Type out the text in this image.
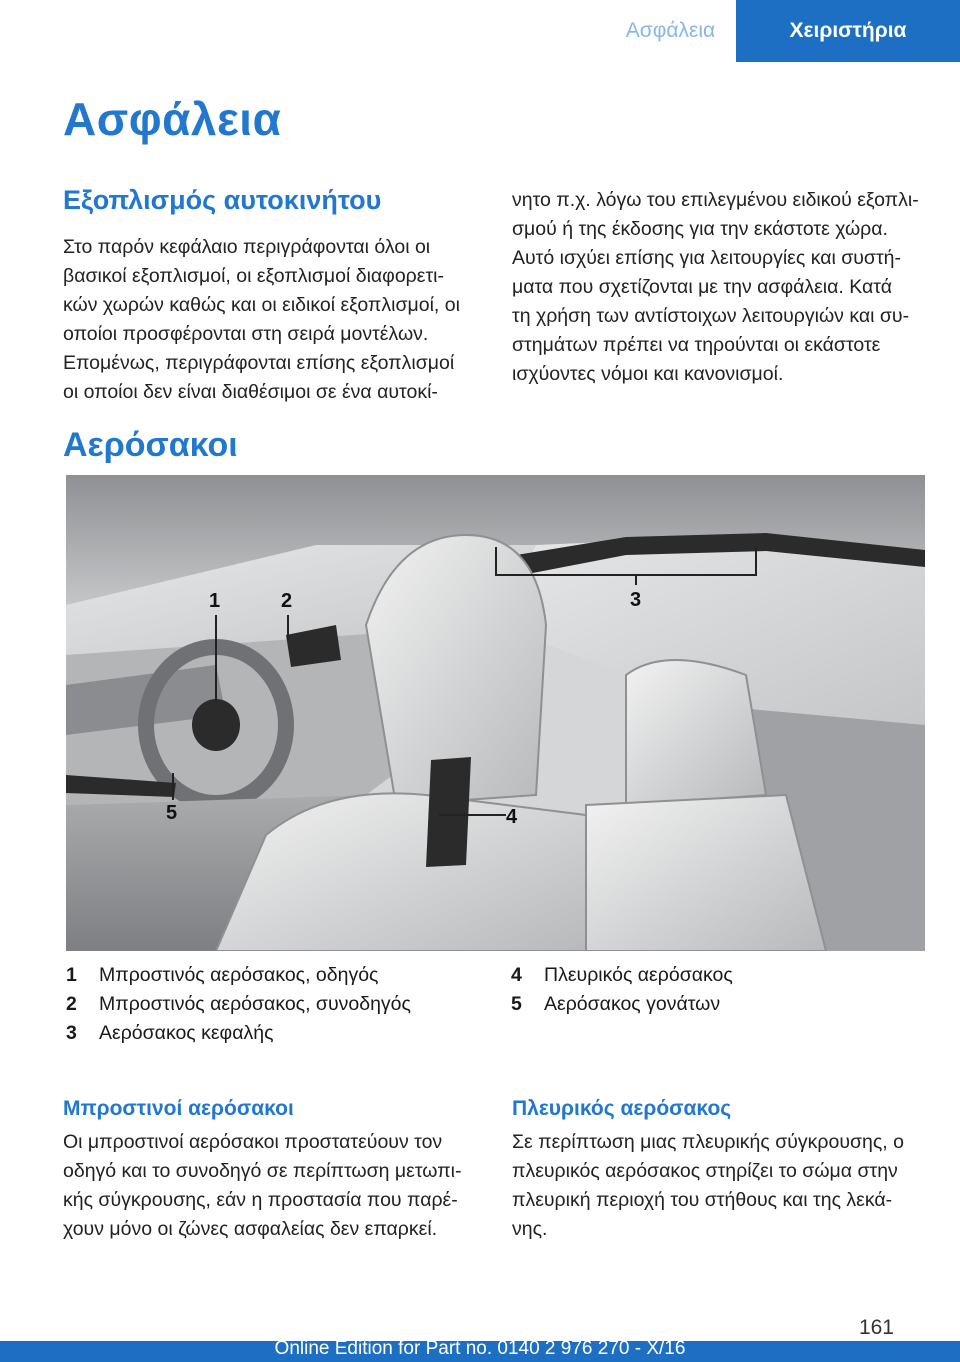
Ασφάλεια	Χειριστήρια
Ασφάλεια
Εξοπλισμός αυτοκινήτου

Στο παρόν κεφάλαιο περιγράφονται όλοι οι

βασικοί εξοπλισμοί, οι εξοπλισμοί διαφορετι-

κών χωρών καθώς και οι ειδικοί εξοπλισμοί, οι

οποίοι προσφέρονται στη σειρά μοντέλων.

Επομένως, περιγράφονται επίσης εξοπλισμοί

οι οποίοι δεν είναι διαθέσιμοι σε ένα αυτοκί-

νητο π.χ. λόγω του επιλεγμένου ειδικού εξοπλι-

σμού ή της έκδοσης για την εκάστοτε χώρα.

Αυτό ισχύει επίσης για λειτουργίες και συστή-

ματα που σχετίζονται με την ασφάλεια. Κατά

τη χρήση των αντίστοιχων λειτουργιών και συ-

στημάτων πρέπει να τηρούνται οι εκάστοτε

ισχύοντες νόμοι και κανονισμοί.

Αερόσακοι
1	2	3
4
5
1	Μπροστινός αερόσακος, οδηγός
2	Μπροστινός αερόσακος, συνοδηγός
3	Αερόσακος κεφαλής
4	Πλευρικός αερόσακος
5	Αερόσακος γονάτων
Μπροστινοί αερόσακοι

Οι μπροστινοί αερόσακοι προστατεύουν τον

οδηγό και το συνοδηγό σε περίπτωση μετωπι-

κής σύγκρουσης, εάν η προστασία που παρέ-

χουν μόνο οι ζώνες ασφαλείας δεν επαρκεί.

Πλευρικός αερόσακος

Σε περίπτωση μιας πλευρικής σύγκρουσης, ο

πλευρικός αερόσακος στηρίζει το σώμα στην

πλευρική περιοχή του στήθους και της λεκά-

νης.

161
Online Edition for Part no. 0140 2 976 270 - X/16
